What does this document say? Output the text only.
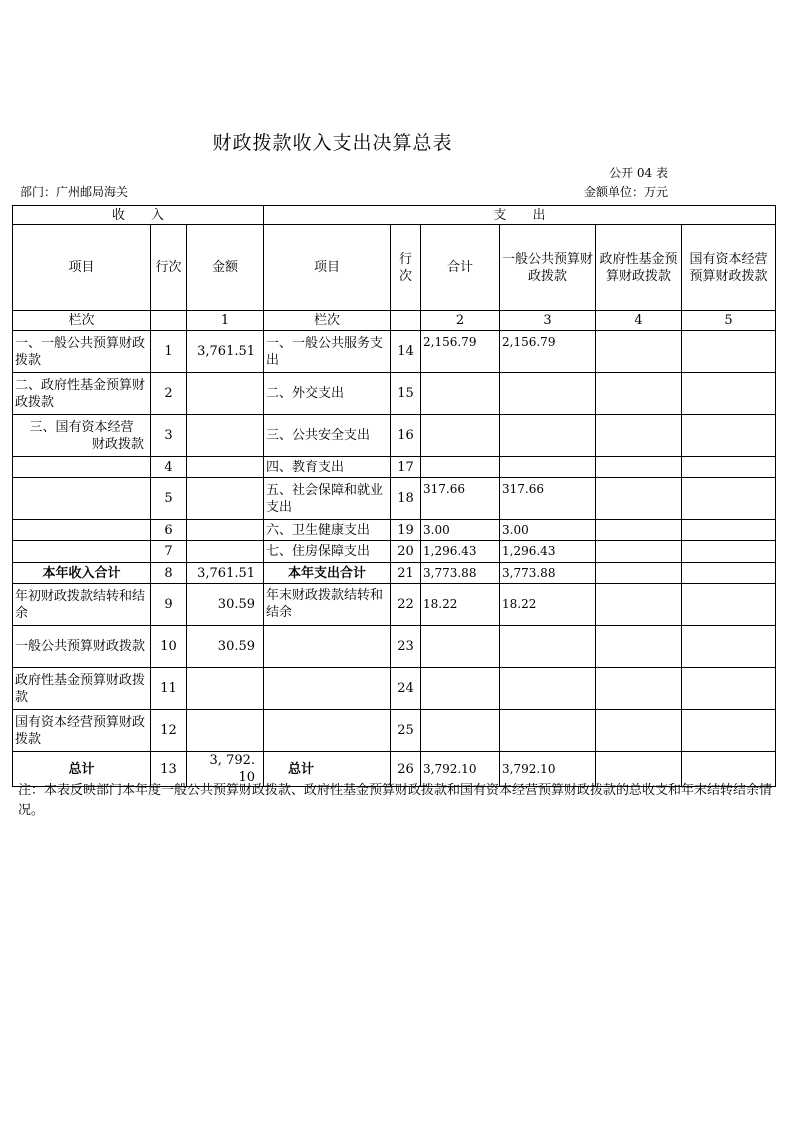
财政拨款收入支出决算总表
公开 04 表
部门：广州邮局海关	金额单位：万元
收　　入			支　　出					
项目	行次	金额	项目	行次	合计	一般公共预算财政拨款	政府性基金预算财政拨款	国有资本经营预算财政拨款
栏次		1	栏次		2	3	4	5
一、一般公共预算财政拨款	1	3,761.51	一、一般公共服务支出	14	2,156.79	2,156.79		
二、政府性基金预算财政拨款	2		二、外交支出	15				

三、国有资本经营
财政拨款	3		三、公共安全支出	16				
	4		四、教育支出	17				
	5		五、社会保障和就业支出	18	317.66	317.66		
	6		六、卫生健康支出	19	3.00	3.00		
	7		七、住房保障支出	20	1,296.43	1,296.43		
本年收入合计	8	3,761.51	本年支出合计	21	3,773.88	3,773.88		
年初财政拨款结转和结余	9	30.59	年末财政拨款结转和结余	22	18.22	18.22		
一般公共预算财政拨款	10	30.59		23				
政府性基金预算财政拨款	11			24				
国有资本经营预算财政拨款	12			25				
总计	13	3, 792. 10	总计	26	3,792.10	3,792.10		
注：本表反映部门本年度一般公共预算财政拨款、政府性基金预算财政拨款和国有资本经营预算财政拨款的总收支和年末结转结余情况。
